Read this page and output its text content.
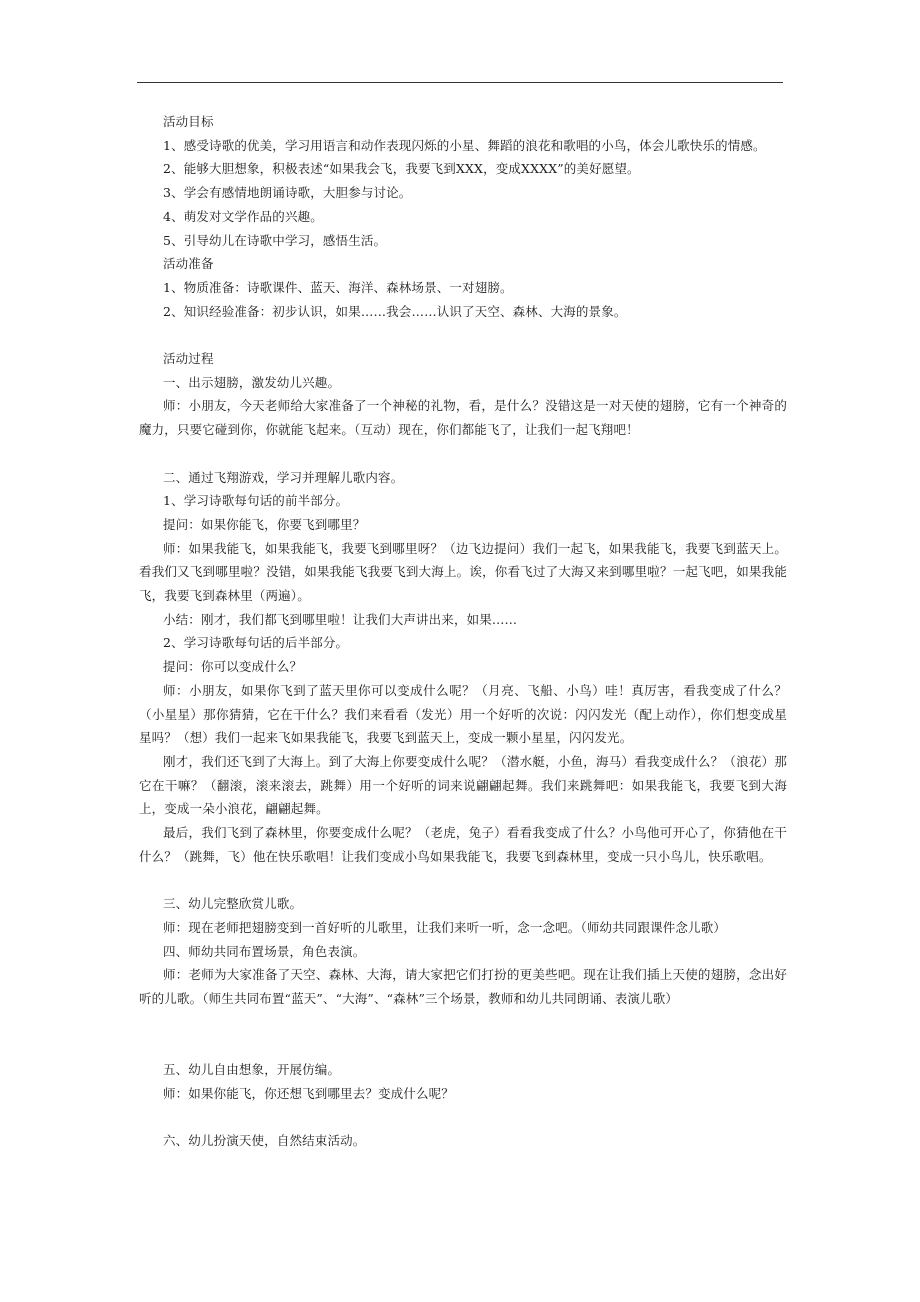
活动目标

1、感受诗歌的优美，学习用语言和动作表现闪烁的小星、舞蹈的浪花和歌唱的小鸟，体会儿歌快乐的情感。

2、能够大胆想象，积极表述“如果我会飞，我要飞到XXX，变成XXXX”的美好愿望。

3、学会有感情地朗诵诗歌，大胆参与讨论。

4、萌发对文学作品的兴趣。

5、引导幼儿在诗歌中学习，感悟生活。

活动准备

1、物质准备：诗歌课件、蓝天、海洋、森林场景、一对翅膀。

2、知识经验准备：初步认识，如果……我会……认识了天空、森林、大海的景象。

活动过程

一、出示翅膀，激发幼儿兴趣。

师：小朋友，今天老师给大家准备了一个神秘的礼物，看，是什么？没错这是一对天使的翅膀，它有一个神奇的魔力，只要它碰到你，你就能飞起来。（互动）现在，你们都能飞了，让我们一起飞翔吧！

二、通过飞翔游戏，学习并理解儿歌内容。

1、学习诗歌每句话的前半部分。

提问：如果你能飞，你要飞到哪里？

师：如果我能飞，如果我能飞，我要飞到哪里呀？（边飞边提问）我们一起飞，如果我能飞，我要飞到蓝天上。看我们又飞到哪里啦？没错，如果我能飞我要飞到大海上。诶，你看飞过了大海又来到哪里啦？一起飞吧，如果我能飞，我要飞到森林里（两遍）。

小结：刚才，我们都飞到哪里啦！让我们大声讲出来，如果……

2、学习诗歌每句话的后半部分。

提问：你可以变成什么？

师：小朋友，如果你飞到了蓝天里你可以变成什么呢？（月亮、飞船、小鸟）哇！真厉害，看我变成了什么？（小星星）那你猜猜，它在干什么？我们来看看（发光）用一个好听的次说：闪闪发光（配上动作），你们想变成星星吗？（想）我们一起来飞如果我能飞，我要飞到蓝天上，变成一颗小星星，闪闪发光。

刚才，我们还飞到了大海上。到了大海上你要变成什么呢？（潜水艇，小鱼，海马）看我变成什么？（浪花）那它在干嘛？（翻滚，滚来滚去，跳舞）用一个好听的词来说翩翩起舞。我们来跳舞吧：如果我能飞，我要飞到大海上，变成一朵小浪花，翩翩起舞。

最后，我们飞到了森林里，你要变成什么呢？（老虎，兔子）看看我变成了什么？小鸟他可开心了，你猜他在干什么？（跳舞，飞）他在快乐歌唱！让我们变成小鸟如果我能飞，我要飞到森林里，变成一只小鸟儿，快乐歌唱。

三、幼儿完整欣赏儿歌。

师：现在老师把翅膀变到一首好听的儿歌里，让我们来听一听，念一念吧。（师幼共同跟课件念儿歌）

四、师幼共同布置场景，角色表演。

师：老师为大家准备了天空、森林、大海，请大家把它们打扮的更美些吧。现在让我们插上天使的翅膀，念出好听的儿歌。（师生共同布置“蓝天”、“大海”、“森林”三个场景，教师和幼儿共同朗诵、表演儿歌）

五、幼儿自由想象，开展仿编。

师：如果你能飞，你还想飞到哪里去？变成什么呢？

六、幼儿扮演天使，自然结束活动。
